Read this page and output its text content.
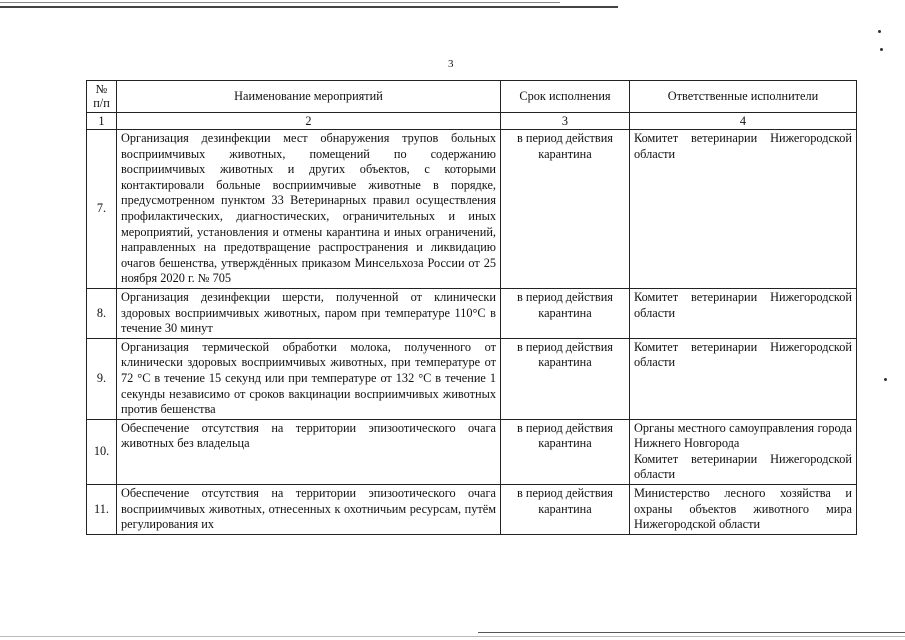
3
№ п/п	Наименование мероприятий	Срок исполнения	Ответственные исполнители
1	2	3	4
7.	Организация дезинфекции мест обнаружения трупов больных восприимчивых животных, помещений по содержанию восприимчивых животных и других объектов, с которыми контактировали больные восприимчивые животные в порядке, предусмотренном пунктом 33 Ветеринарных правил осуществления профилактических, диагностических, ограничительных и иных мероприятий, установления и отмены карантина и иных ограничений, направленных на предотвращение распространения и ликвидацию очагов бешенства, утверждённых приказом Минсельхоза России от 25 ноября 2020 г. № 705	в период действия карантина	Комитет ветеринарии Нижегородской области

8.	Организация дезинфекции шерсти, полученной от клинически здоровых восприимчивых животных, паром при температуре 110°С в течение 30 минут	в период действия карантина	Комитет ветеринарии Нижегородской области

9.	Организация термической обработки молока, полученного от клинически здоровых восприимчивых животных, при температуре от 72 °С в течение 15 секунд или при температуре от 132 °С в течение 1 секунды независимо от сроков вакцинации восприимчивых животных против бешенства	в период действия карантина	Комитет ветеринарии Нижегородской области

10.	Обеспечение отсутствия на территории эпизоотического очага животных без владельца	в период действия карантина	Органы местного самоуправления города Нижнего Новгорода

Комитет ветеринарии Нижегородской области

11.	Обеспечение отсутствия на территории эпизоотического очага восприимчивых животных, отнесенных к охотничьим ресурсам, путём регулирования их	в период действия карантина	Министерство лесного хозяйства и охраны объектов животного мира Нижегородской области
